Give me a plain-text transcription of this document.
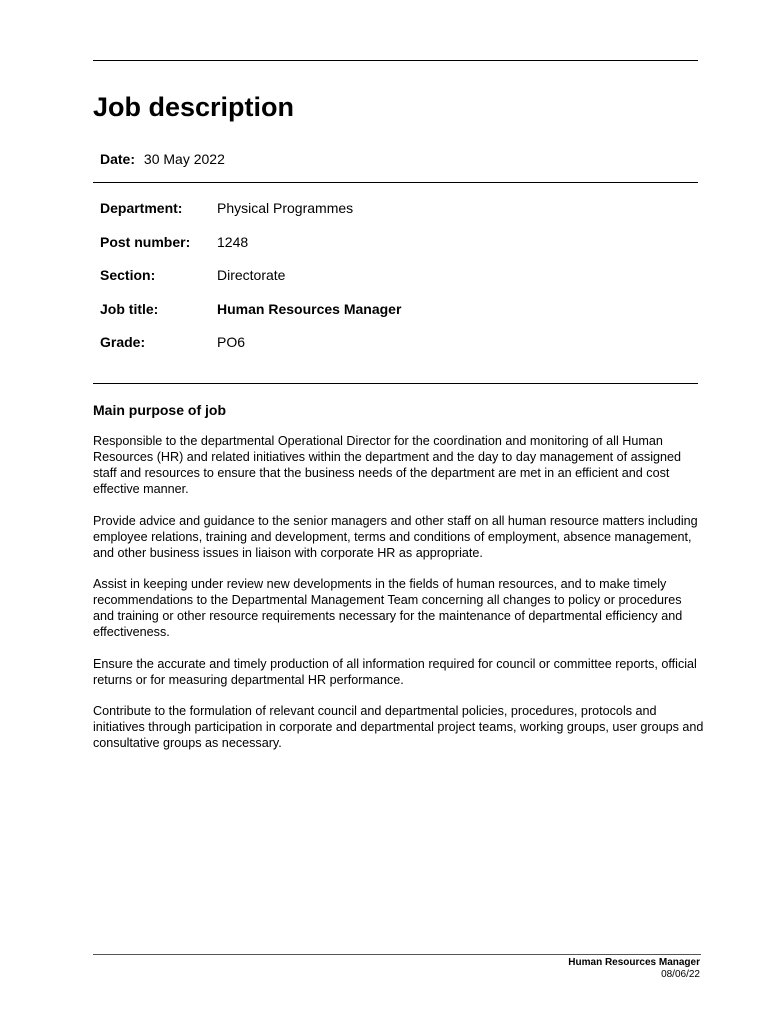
Job description
Date: 30 May 2022
Department:	Physical Programmes
Post number:	1248
Section:	Directorate
Job title:	Human Resources Manager
Grade:	PO6
Main purpose of job

Responsible to the departmental Operational Director for the coordination and monitoring of all Human Resources (HR) and related initiatives within the department and the day to day management of assigned staff and resources to ensure that the business needs of the department are met in an efficient and cost effective manner.

Provide advice and guidance to the senior managers and other staff on all human resource matters including employee relations, training and development, terms and conditions of employment, absence management, and other business issues in liaison with corporate HR as appropriate.

Assist in keeping under review new developments in the fields of human resources, and to make timely recommendations to the Departmental Management Team concerning all changes to policy or procedures and training or other resource requirements necessary for the maintenance of departmental efficiency and effectiveness.

Ensure the accurate and timely production of all information required for council or committee reports, official returns or for measuring departmental HR performance.

Contribute to the formulation of relevant council and departmental policies, procedures, protocols and initiatives through participation in corporate and departmental project teams, working groups, user groups and consultative groups as necessary.

Human Resources Manager
08/06/22
